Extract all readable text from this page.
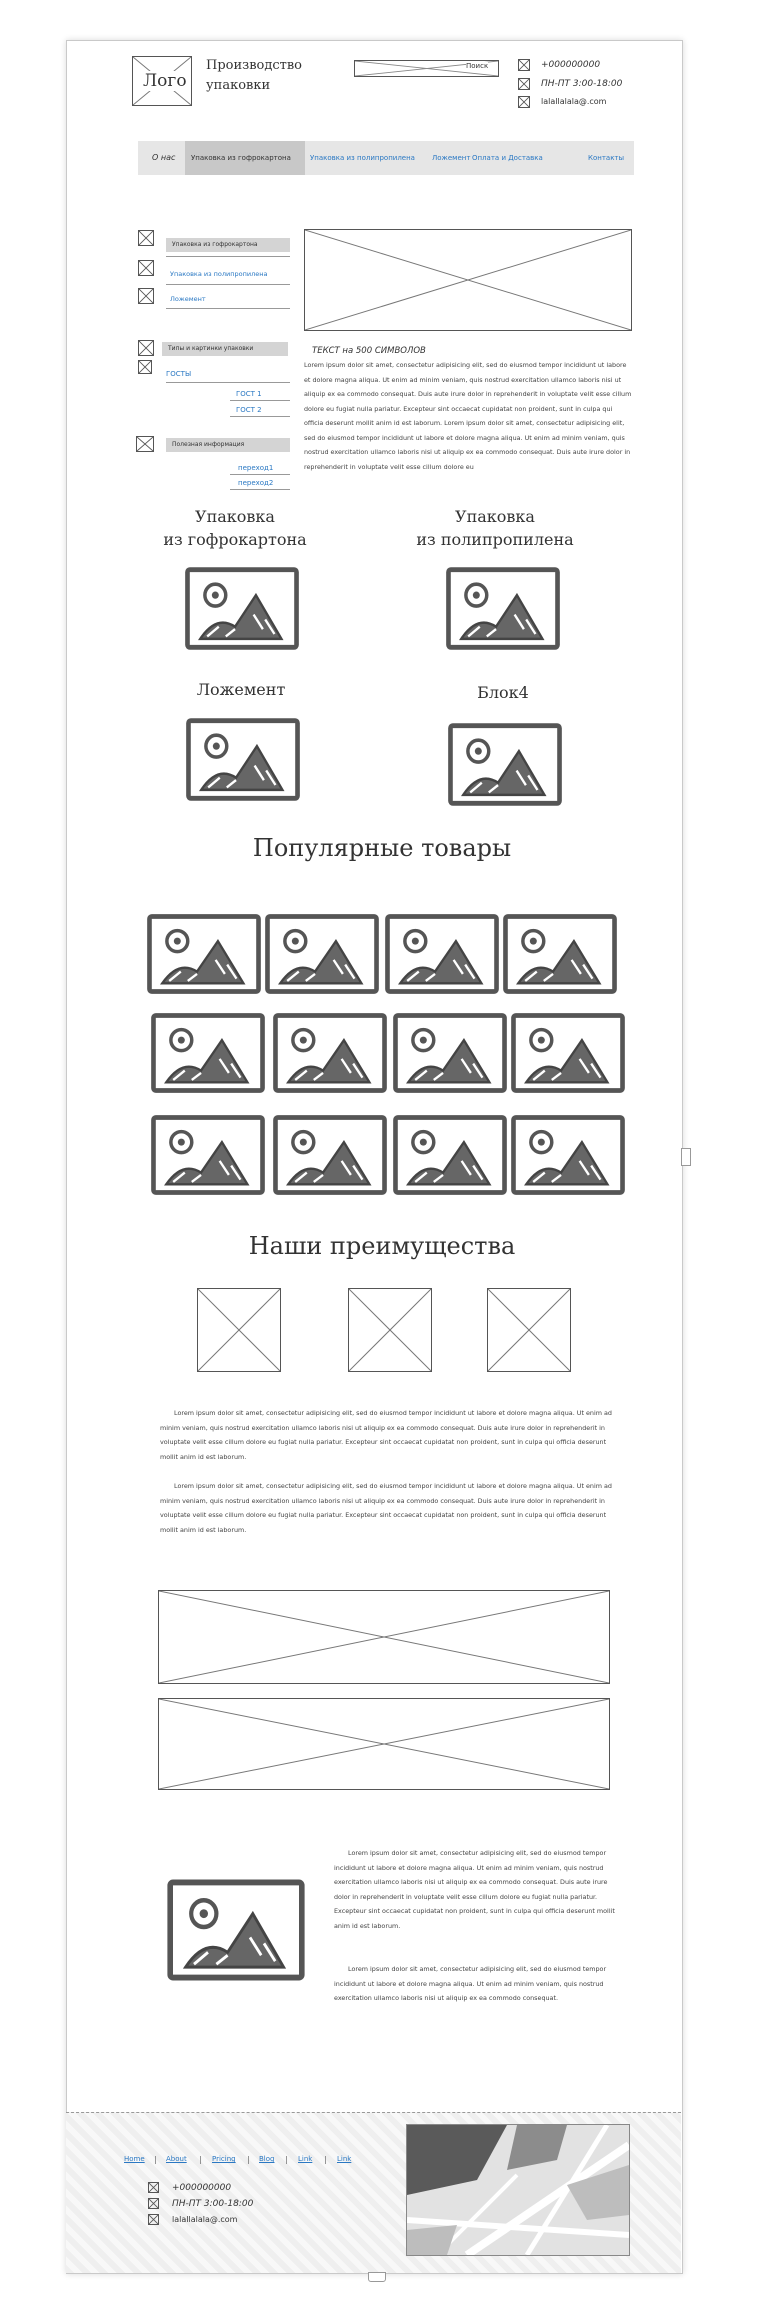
Лого
Производство
упаковки
Поиск	+000000000
ПН-ПТ 3:00-18:00
lalallalala@.com
О нас	Упаковка из гофрокартона	Упаковка из полипропилена Ложемент Оплата и Доставка	Контакты
Упаковка из гофрокартона
Упаковка из полипропилена
Ложемент
Типы и картинки упаковки
ГОСТЫ
ГОСТ 1
ГОСТ 2
Полезная информация
переход1
переход2
ТЕКСТ на 500 СИМВОЛОВ
Lorem ipsum dolor sit amet, consectetur adipisicing elit, sed do eiusmod tempor incididunt ut labore et dolore magna aliqua. Ut enim ad minim veniam, quis nostrud exercitation ullamco laboris nisi ut aliquip ex ea commodo consequat. Duis aute irure dolor in reprehenderit in voluptate velit esse cillum dolore eu fugiat nulla pariatur. Excepteur sint occaecat cupidatat non proident, sunt in culpa qui officia deserunt mollit anim id est laborum. Lorem ipsum dolor sit amet, consectetur adipisicing elit, sed do eiusmod tempor incididunt ut labore et dolore magna aliqua. Ut enim ad minim veniam, quis nostrud exercitation ullamco laboris nisi ut aliquip ex ea commodo consequat. Duis aute irure dolor in reprehenderit in voluptate velit esse cillum dolore eu
Упаковка
из гофрокартона
Упаковка
из полипропилена
Ложемент	Блок4
Популярные товары
Наши преимущества
Lorem ipsum dolor sit amet, consectetur adipisicing elit, sed do eiusmod tempor incididunt ut labore et dolore magna aliqua. Ut enim ad minim veniam, quis nostrud exercitation ullamco laboris nisi ut aliquip ex ea commodo consequat. Duis aute irure dolor in reprehenderit in voluptate velit esse cillum dolore eu fugiat nulla pariatur. Excepteur sint occaecat cupidatat non proident, sunt in culpa qui officia deserunt mollit anim id est laborum.
Lorem ipsum dolor sit amet, consectetur adipisicing elit, sed do eiusmod tempor incididunt ut labore et dolore magna aliqua. Ut enim ad minim veniam, quis nostrud exercitation ullamco laboris nisi ut aliquip ex ea commodo consequat. Duis aute irure dolor in reprehenderit in voluptate velit esse cillum dolore eu fugiat nulla pariatur. Excepteur sint occaecat cupidatat non proident, sunt in culpa qui officia deserunt mollit anim id est laborum.
Lorem ipsum dolor sit amet, consectetur adipisicing elit, sed do eiusmod tempor incididunt ut labore et dolore magna aliqua. Ut enim ad minim veniam, quis nostrud exercitation ullamco laboris nisi ut aliquip ex ea commodo consequat. Duis aute irure dolor in reprehenderit in voluptate velit esse cillum dolore eu fugiat nulla pariatur. Excepteur sint occaecat cupidatat non proident, sunt in culpa qui officia deserunt mollit anim id est laborum.
Lorem ipsum dolor sit amet, consectetur adipisicing elit, sed do eiusmod tempor incididunt ut labore et dolore magna aliqua. Ut enim ad minim veniam, quis nostrud exercitation ullamco laboris nisi ut aliquip ex ea commodo consequat.
Home | About | Pricing | Blog | Link | Link
+000000000
ПН-ПТ 3:00-18:00
lalallalala@.com
